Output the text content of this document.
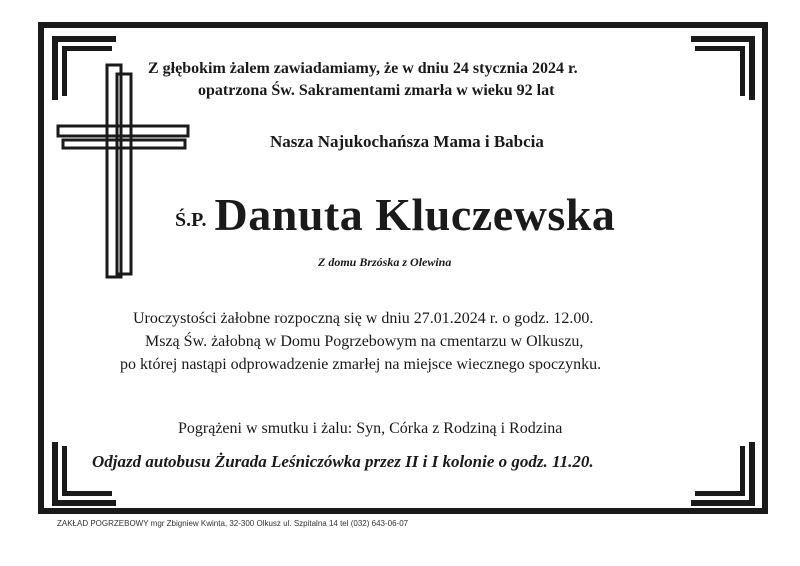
Z głębokim żalem zawiadamiamy, że w dniu 24 stycznia 2024 r.
opatrzona Św. Sakramentami zmarła w wieku 92 lat
Nasza Najukochańsza Mama i Babcia
Ś.P. Danuta Kluczewska
Z domu Brzóska z Olewina
Uroczystości żałobne rozpoczną się w dniu 27.01.2024 r. o godz. 12.00.
Mszą Św. żałobną w Domu Pogrzebowym na cmentarzu w Olkuszu,
po której nastąpi odprowadzenie zmarłej na miejsce wiecznego spoczynku.
Pogrążeni w smutku i żalu: Syn, Córka z Rodziną i Rodzina
Odjazd autobusu Żurada Leśniczówka przez II i I kolonie o godz. 11.20.
ZAKŁAD POGRZEBOWY mgr Zbigniew Kwinta, 32-300 Olkusz ul. Szpitalna 14 tel (032) 643-06-07
